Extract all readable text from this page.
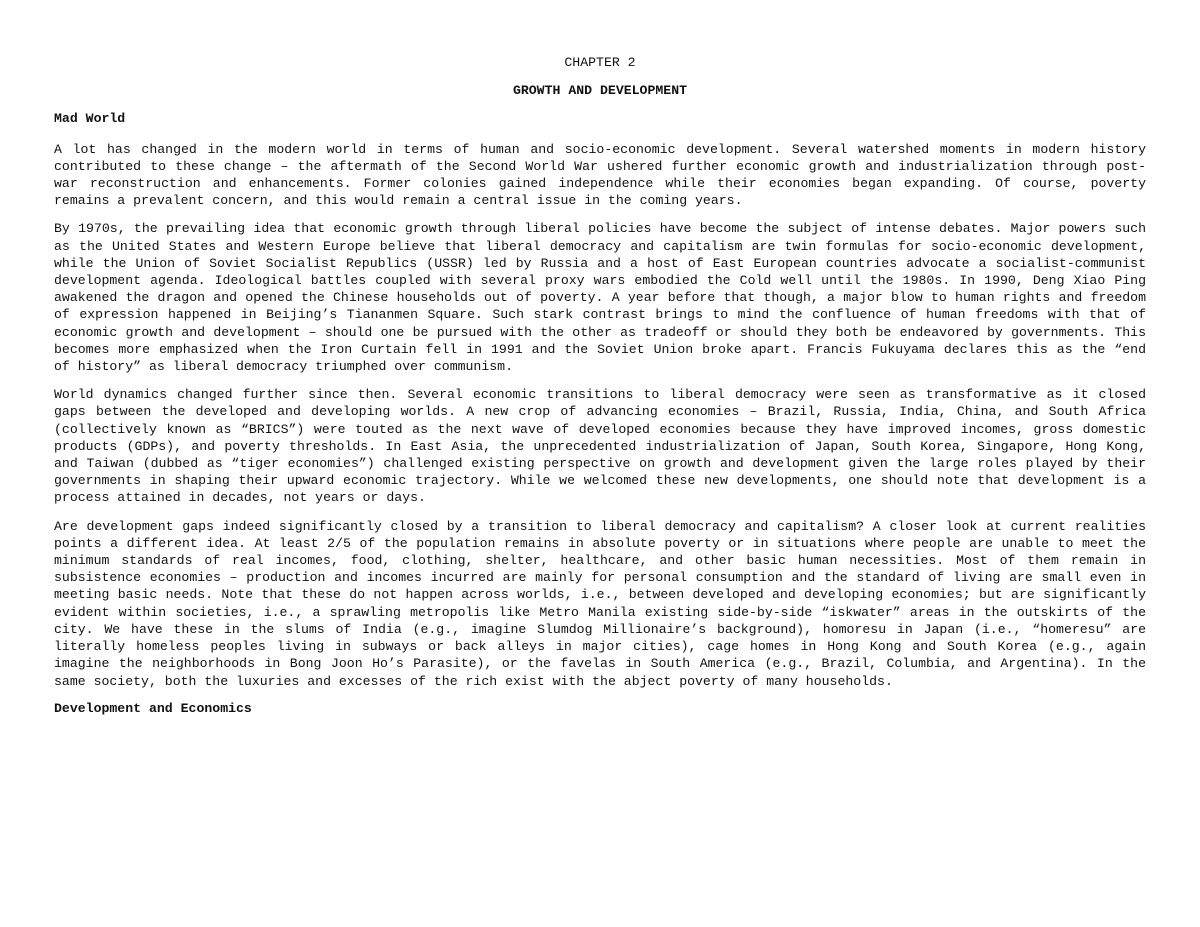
CHAPTER 2
GROWTH AND DEVELOPMENT
Mad World

A lot has changed in the modern world in terms of human and socio-economic development. Several watershed moments in modern history contributed to these change – the aftermath of the Second World War ushered further economic growth and industrialization through post-war reconstruction and enhancements. Former colonies gained independence while their economies began expanding. Of course, poverty remains a prevalent concern, and this would remain a central issue in the coming years.

By 1970s, the prevailing idea that economic growth through liberal policies have become the subject of intense debates. Major powers such as the United States and Western Europe believe that liberal democracy and capitalism are twin formulas for socio-economic development, while the Union of Soviet Socialist Republics (USSR) led by Russia and a host of East European countries advocate a socialist-communist development agenda. Ideological battles coupled with several proxy wars embodied the Cold well until the 1980s. In 1990, Deng Xiao Ping awakened the dragon and opened the Chinese households out of poverty. A year before that though, a major blow to human rights and freedom of expression happened in Beijing’s Tiananmen Square. Such stark contrast brings to mind the confluence of human freedoms with that of economic growth and development – should one be pursued with the other as tradeoff or should they both be endeavored by governments. This becomes more emphasized when the Iron Curtain fell in 1991 and the Soviet Union broke apart. Francis Fukuyama declares this as the “end of history” as liberal democracy triumphed over communism.

World dynamics changed further since then. Several economic transitions to liberal democracy were seen as transformative as it closed gaps between the developed and developing worlds. A new crop of advancing economies – Brazil, Russia, India, China, and South Africa (collectively known as “BRICS”) were touted as the next wave of developed economies because they have improved incomes, gross domestic products (GDPs), and poverty thresholds. In East Asia, the unprecedented industrialization of Japan, South Korea, Singapore, Hong Kong, and Taiwan (dubbed as “tiger economies”) challenged existing perspective on growth and development given the large roles played by their governments in shaping their upward economic trajectory. While we welcomed these new developments, one should note that development is a process attained in decades, not years or days.

Are development gaps indeed significantly closed by a transition to liberal democracy and capitalism? A closer look at current realities points a different idea. At least 2/5 of the population remains in absolute poverty or in situations where people are unable to meet the minimum standards of real incomes, food, clothing, shelter, healthcare, and other basic human necessities. Most of them remain in subsistence economies – production and incomes incurred are mainly for personal consumption and the standard of living are small even in meeting basic needs. Note that these do not happen across worlds, i.e., between developed and developing economies; but are significantly evident within societies, i.e., a sprawling metropolis like Metro Manila existing side-by-side “iskwater” areas in the outskirts of the city. We have these in the slums of India (e.g., imagine Slumdog Millionaire’s background), homoresu in Japan (i.e., “homeresu” are literally homeless peoples living in subways or back alleys in major cities), cage homes in Hong Kong and South Korea (e.g., again imagine the neighborhoods in Bong Joon Ho’s Parasite), or the favelas in South America (e.g., Brazil, Columbia, and Argentina). In the same society, both the luxuries and excesses of the rich exist with the abject poverty of many households.

Development and Economics
